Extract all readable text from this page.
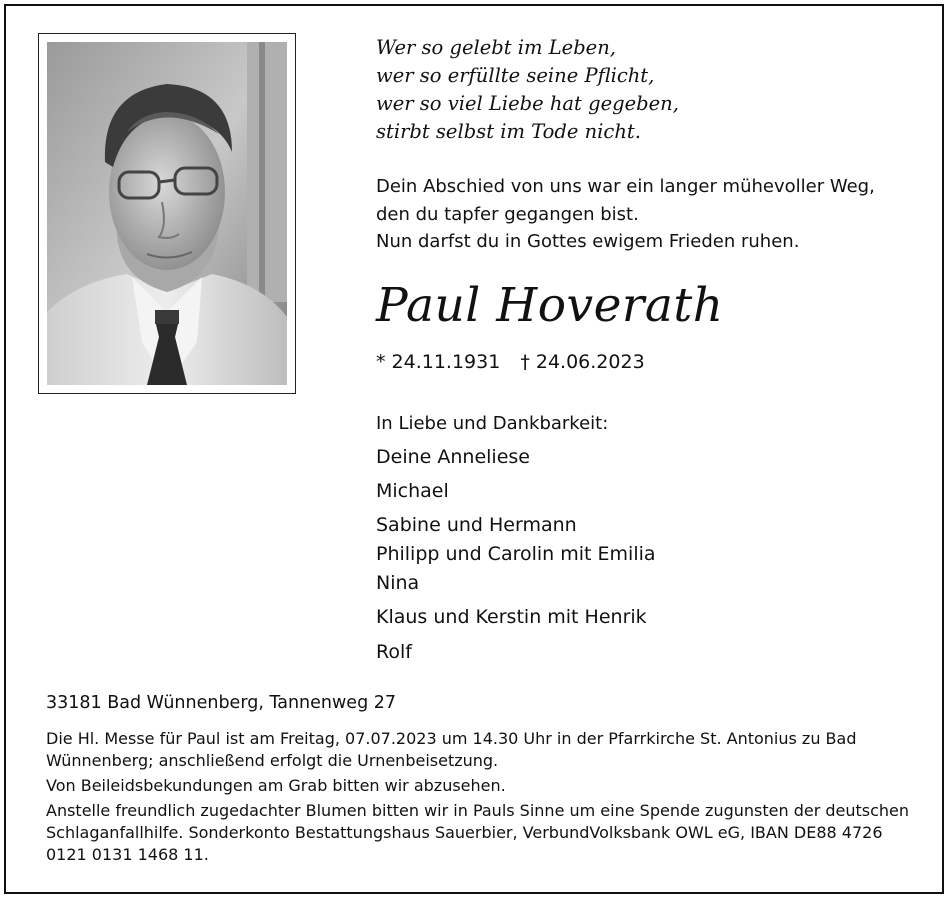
Wer so gelebt im Leben,
wer so erfüllte seine Pflicht,
wer so viel Liebe hat gegeben,
stirbt selbst im Tode nicht.
Dein Abschied von uns war ein langer mühevoller Weg,
den du tapfer gegangen bist.
Nun darfst du in Gottes ewigem Frieden ruhen.
Paul Hoverath
* 24.11.1931 † 24.06.2023
In Liebe und Dankbarkeit:
Deine Anneliese
Michael
Sabine und Hermann
Philipp und Carolin mit Emilia
Nina
Klaus und Kerstin mit Henrik
Rolf
33181 Bad Wünnenberg, Tannenweg 27

Die Hl. Messe für Paul ist am Freitag, 07.07.2023 um 14.30 Uhr in der Pfarrkirche St. Antonius zu Bad Wünnenberg; anschließend erfolgt die Urnenbeisetzung.

Von Beileidsbekundungen am Grab bitten wir abzusehen.

Anstelle freundlich zugedachter Blumen bitten wir in Pauls Sinne um eine Spende zugunsten der deutschen Schlaganfallhilfe. Sonderkonto Bestattungshaus Sauerbier, VerbundVolksbank OWL eG, IBAN DE88 4726 0121 0131 1468 11.
